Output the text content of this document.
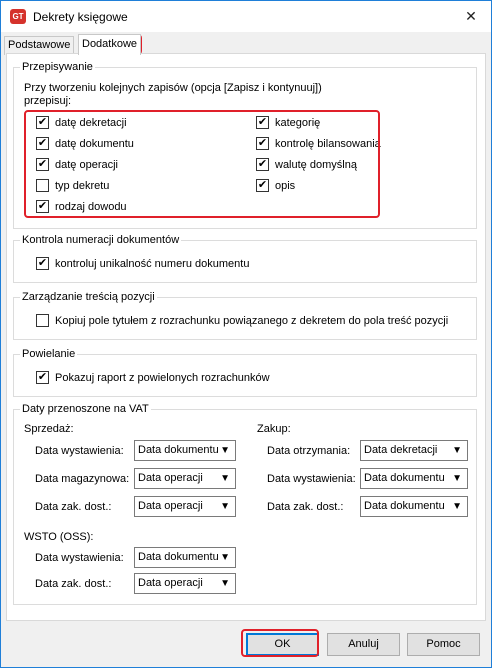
GT Dekrety księgowe	✕
Podstawowe	Dodatkowe
Przepisywanie
Przy tworzeniu kolejnych zapisów (opcja [Zapisz i kontynuuj])
przepisuj:
✔ datę dekretacji
✔ datę dokumentu
✔ datę operacji
typ dekretu
✔ rodzaj dowodu
✔ kategorię
✔ kontrolę bilansowania
✔ walutę domyślną
✔ opis
Kontrola numeracji dokumentów
✔ kontroluj unikalność numeru dokumentu
Zarządzanie treścią pozycji
Kopiuj pole tytułem z rozrachunku powiązanego z dekretem do pola treść pozycji
Powielanie
✔ Pokazuj raport z powielonych rozrachunków
Daty przenoszone na VAT
Sprzedaż:
Data wystawienia:	Data dokumentu ▼
Data magazynowa: Data operacji ▼
Data zak. dost.:	Data operacji ▼
Zakup:
Data otrzymania:	Data dekretacji ▼
Data wystawienia: Data dokumentu ▼
Data zak. dost.:	Data dokumentu ▼
WSTO (OSS):
Data wystawienia:	Data dokumentu ▼
Data zak. dost.:	Data operacji ▼
OK	Anuluj	Pomoc
